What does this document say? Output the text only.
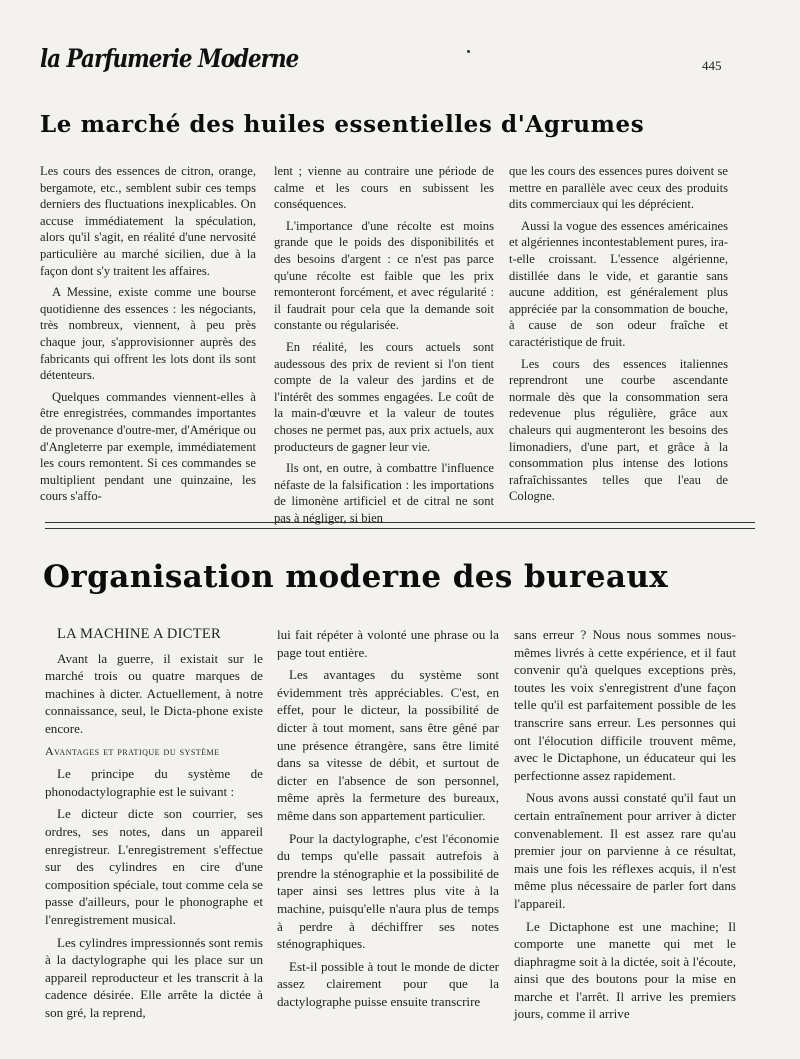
la Parfumerie Moderne	445
Le marché des huiles essentielles d'Agrumes

Les cours des essences de citron, orange, bergamote, etc., semblent subir ces temps derniers des fluctuations inexplicables. On accuse immédiatement la spéculation, alors qu'il s'agit, en réalité d'une nervosité particulière au marché sicilien, due à la façon dont s'y traitent les affaires.

A Messine, existe comme une bourse quotidienne des essences : les négociants, très nombreux, viennent, à peu près chaque jour, s'approvisionner auprès des fabricants qui offrent les lots dont ils sont détenteurs.

Quelques commandes viennent-elles à être enregistrées, commandes importantes de provenance d'outre-mer, d'Amérique ou d'Angleterre par exemple, immédiatement les cours remontent. Si ces commandes se multiplient pendant une quinzaine, les cours s'affo-

lent ; vienne au contraire une période de calme et les cours en subissent les conséquences.

L'importance d'une récolte est moins grande que le poids des disponibilités et des besoins d'argent : ce n'est pas parce qu'une récolte est faible que les prix remonteront forcément, et avec régularité : il faudrait pour cela que la demande soit constante ou régularisée.

En réalité, les cours actuels sont audessous des prix de revient si l'on tient compte de la valeur des jardins et de l'intérêt des sommes engagées. Le coût de la main-d'œuvre et la valeur de toutes choses ne permet pas, aux prix actuels, aux producteurs de gagner leur vie.

Ils ont, en outre, à combattre l'influence néfaste de la falsification : les importations de limonène artificiel et de citral ne sont pas à négliger, si bien

que les cours des essences pures doivent se mettre en parallèle avec ceux des produits dits commerciaux qui les déprécient.

Aussi la vogue des essences américaines et algériennes incontestablement pures, ira-t-elle croissant. L'essence algérienne, distillée dans le vide, et garantie sans aucune addition, est généralement plus appréciée par la consommation de bouche, à cause de son odeur fraîche et caractéristique de fruit.

Les cours des essences italiennes reprendront une courbe ascendante normale dès que la consommation sera redevenue plus régulière, grâce aux chaleurs qui augmenteront les besoins des limonadiers, d'une part, et grâce à la consommation plus intense des lotions rafraîchissantes telles que l'eau de Cologne.

Organisation moderne des bureaux
LA MACHINE A DICTER

Avant la guerre, il existait sur le marché trois ou quatre marques de machines à dicter. Actuellement, à notre connaissance, seul, le Dicta-phone existe encore.

Avantages et pratique du système

Le principe du système de phonodactylographie est le suivant :

Le dicteur dicte son courrier, ses ordres, ses notes, dans un appareil enregistreur. L'enregistrement s'effectue sur des cylindres en cire d'une composition spéciale, tout comme cela se passe d'ailleurs, pour le phonographe et l'enregistrement musical.

Les cylindres impressionnés sont remis à la dactylographe qui les place sur un appareil reproducteur et les transcrit à la cadence désirée. Elle arrête la dictée à son gré, la reprend,

lui fait répéter à volonté une phrase ou la page tout entière.

Les avantages du système sont évidemment très appréciables. C'est, en effet, pour le dicteur, la possibilité de dicter à tout moment, sans être gêné par une présence étrangère, sans être limité dans sa vitesse de débit, et surtout de dicter en l'absence de son personnel, même après la fermeture des bureaux, même dans son appartement particulier.

Pour la dactylographe, c'est l'économie du temps qu'elle passait autrefois à prendre la sténographie et la possibilité de taper ainsi ses lettres plus vite à la machine, puisqu'elle n'aura plus de temps à perdre à déchiffrer ses notes sténographiques.

Est-il possible à tout le monde de dicter assez clairement pour que la dactylographe puisse ensuite transcrire

sans erreur ? Nous nous sommes nous-mêmes livrés à cette expérience, et il faut convenir qu'à quelques exceptions près, toutes les voix s'enregistrent d'une façon telle qu'il est parfaitement possible de les transcrire sans erreur. Les personnes qui ont l'élocution difficile trouvent même, avec le Dictaphone, un éducateur qui les perfectionne assez rapidement.

Nous avons aussi constaté qu'il faut un certain entraînement pour arriver à dicter convenablement. Il est assez rare qu'au premier jour on parvienne à ce résultat, mais une fois les réflexes acquis, il n'est même plus nécessaire de parler fort dans l'appareil.

Le Dictaphone est une machine; Il comporte une manette qui met le diaphragme soit à la dictée, soit à l'écoute, ainsi que des boutons pour la mise en marche et l'arrêt. Il arrive les premiers jours, comme il arrive
